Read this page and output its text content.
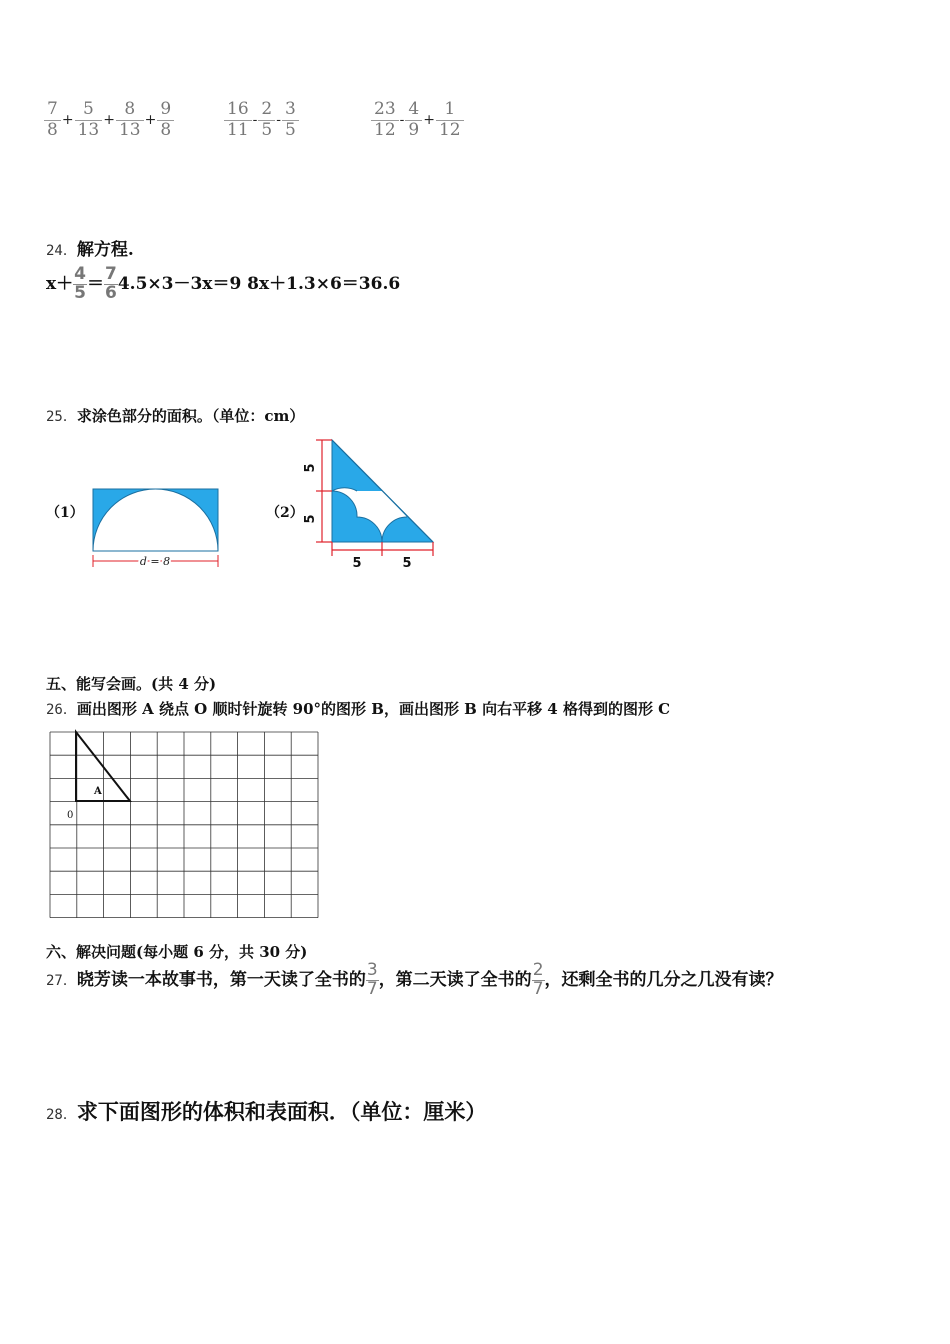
$\frac{7}{8} + \frac{5}{13} + \frac{8}{13} + \frac{9}{8}$	$\frac{16}{11} - \frac{2}{5} - \frac{3}{5}$	$\frac{23}{12} - \frac{4}{9} + \frac{1}{12}$
24．解方程.
$x+ \frac{4}{5} = \frac{7}{6} 4.5\times 3-3x=9$ 8x＋1.3×6＝36.6
25．求涂色部分的面积。（单位：cm）
（1）	（2）
d = 8
5
5
5	5
五、能写会画。(共 4 分)
26．画出图形 A 绕点 O 顺时针旋转 90°的图形 B，画出图形 B 向右平移 4 格得到的图形 C
A
0
六、解决问题(每小题 6 分，共 30 分)
27．晓芳读一本故事书，第一天读了全书的 $\frac{3}{7}$ ，第二天读了全书的 $\frac{2}{7}$ ，还剩全书的几分之几没有读？
28．求下面图形的体积和表面积．（单位：厘米）
